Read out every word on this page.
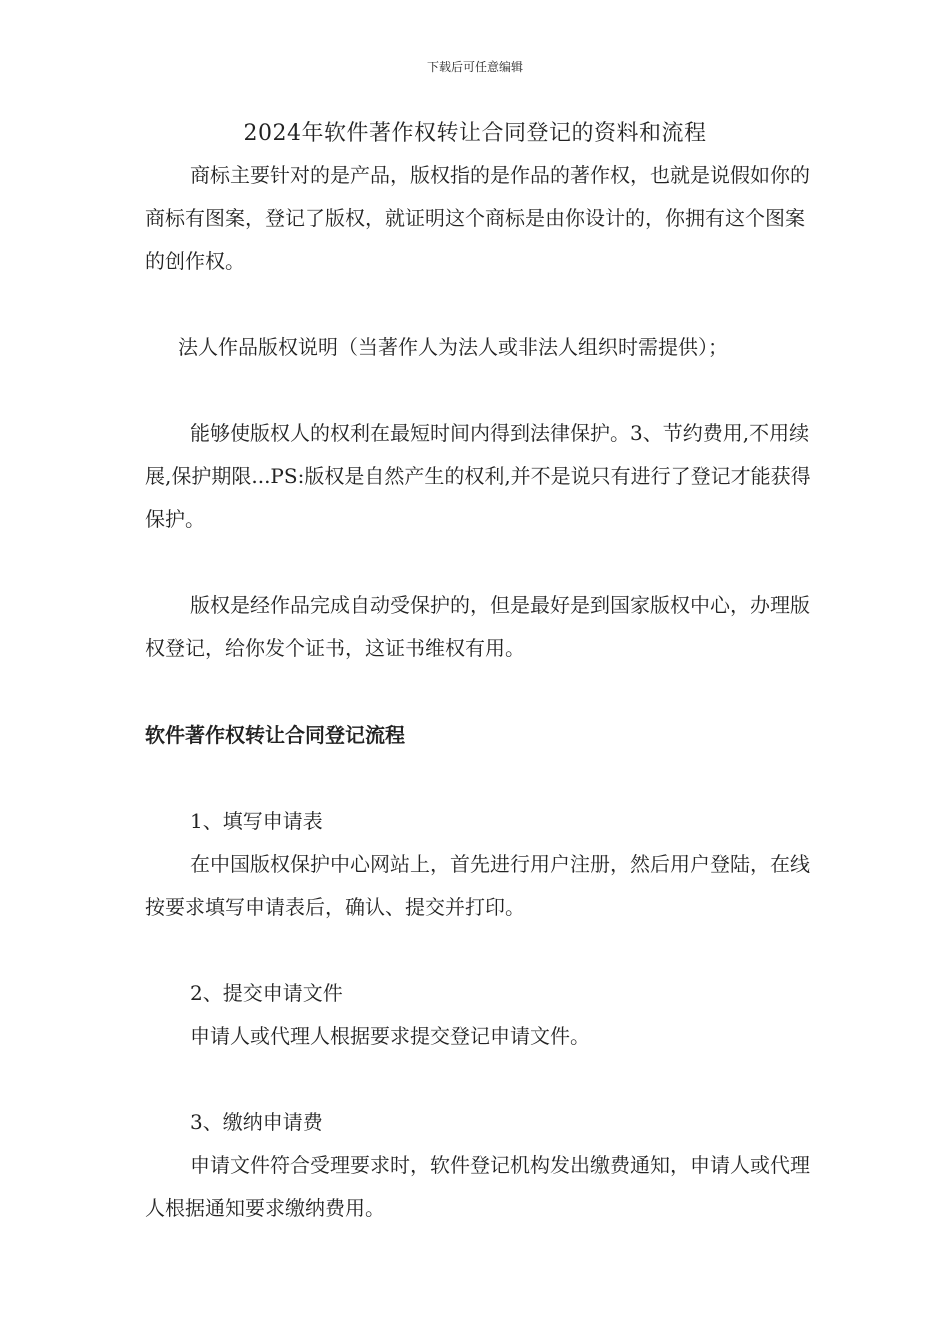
下载后可任意编辑
2024年软件著作权转让合同登记的资料和流程

商标主要针对的是产品，版权指的是作品的著作权，也就是说假如你的商标有图案，登记了版权，就证明这个商标是由你设计的，你拥有这个图案的创作权。

法人作品版权说明（当著作人为法人或非法人组织时需提供）；

能够使版权人的权利在最短时间内得到法律保护。3、节约费用,不用续展,保护期限...PS:版权是自然产生的权利,并不是说只有进行了登记才能获得保护。

版权是经作品完成自动受保护的，但是最好是到国家版权中心，办理版权登记，给你发个证书，这证书维权有用。

软件著作权转让合同登记流程

1、填写申请表

在中国版权保护中心网站上，首先进行用户注册，然后用户登陆，在线按要求填写申请表后，确认、提交并打印。

2、提交申请文件

申请人或代理人根据要求提交登记申请文件。

3、缴纳申请费

申请文件符合受理要求时，软件登记机构发出缴费通知，申请人或代理人根据通知要求缴纳费用。
